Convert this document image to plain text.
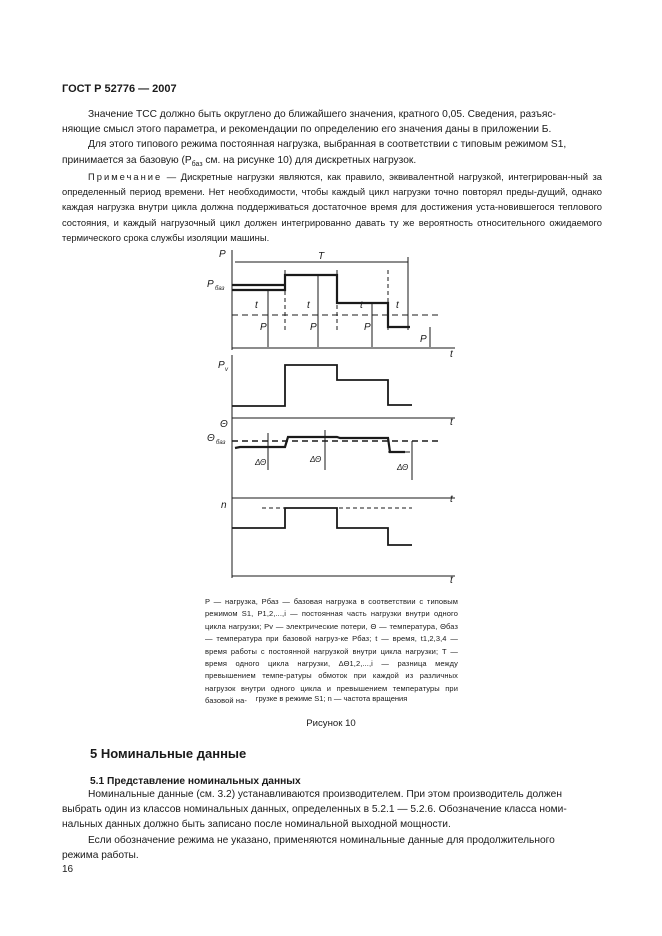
ГОСТ Р 52776 — 2007

Значение ТСС должно быть округлено до ближайшего значения, кратного 0,05. Сведения, разъяс-

няющие смысл этого параметра, и рекомендации по определению его значения даны в приложении Б.

Для этого типового режима постоянная нагрузка, выбранная в соответствии с типовым режимом S1,

принимается за базовую ($P_{баз}$ см. на рисунке 10) для дискретных нагрузок.

Примечание — Дискретные нагрузки являются, как правило, эквивалентной нагрузкой, интегрирован-ный за определенный период времени. Нет необходимости, чтобы каждый цикл нагрузки точно повторял преды-дущий, однако каждая нагрузка внутри цикла должна поддерживаться достаточное время для достижения уста-новившегося теплового состояния, и каждый нагрузочный цикл должен интегрированно давать ту же вероятность относительного ожидаемого термического срока службы изоляции машины.

P
P баз
T
t	t	t	t
P	P	P
P
t
P v
t
Θ
Θ баз
ΔΘ	ΔΘ
ΔΘ
t
n
t
P — нагрузка, Pбаз — базовая нагрузка в соответствии с типовым режимом S1, P1,2,...,i — постоянная часть нагрузки внутри одного цикла нагрузки; Pv — электрические потери, Θ — температура, Θбаз — температура при базовой нагруз-ке Pбаз; t — время, t1,2,3,4 — время работы с постоянной нагрузкой внутри цикла нагрузки; T — время одного цикла нагрузки, ΔΘ1,2,...,i — разница между превышением темпе-ратуры обмоток при каждой из различных нагрузок внутри одного цикла и превышением температуры при базовой на-	грузке в режиме S1; n — частота вращения
Рисунок 10
5 Номинальные данные
5.1 Представление номинальных данных

Номинальные данные (см. 3.2) устанавливаются производителем. При этом производитель должен

выбрать один из классов номинальных данных, определенных в 5.2.1 — 5.2.6. Обозначение класса номи-

нальных данных должно быть записано после номинальной выходной мощности.

Если обозначение режима не указано, применяются номинальные данные для продолжительного

режима работы.

16
